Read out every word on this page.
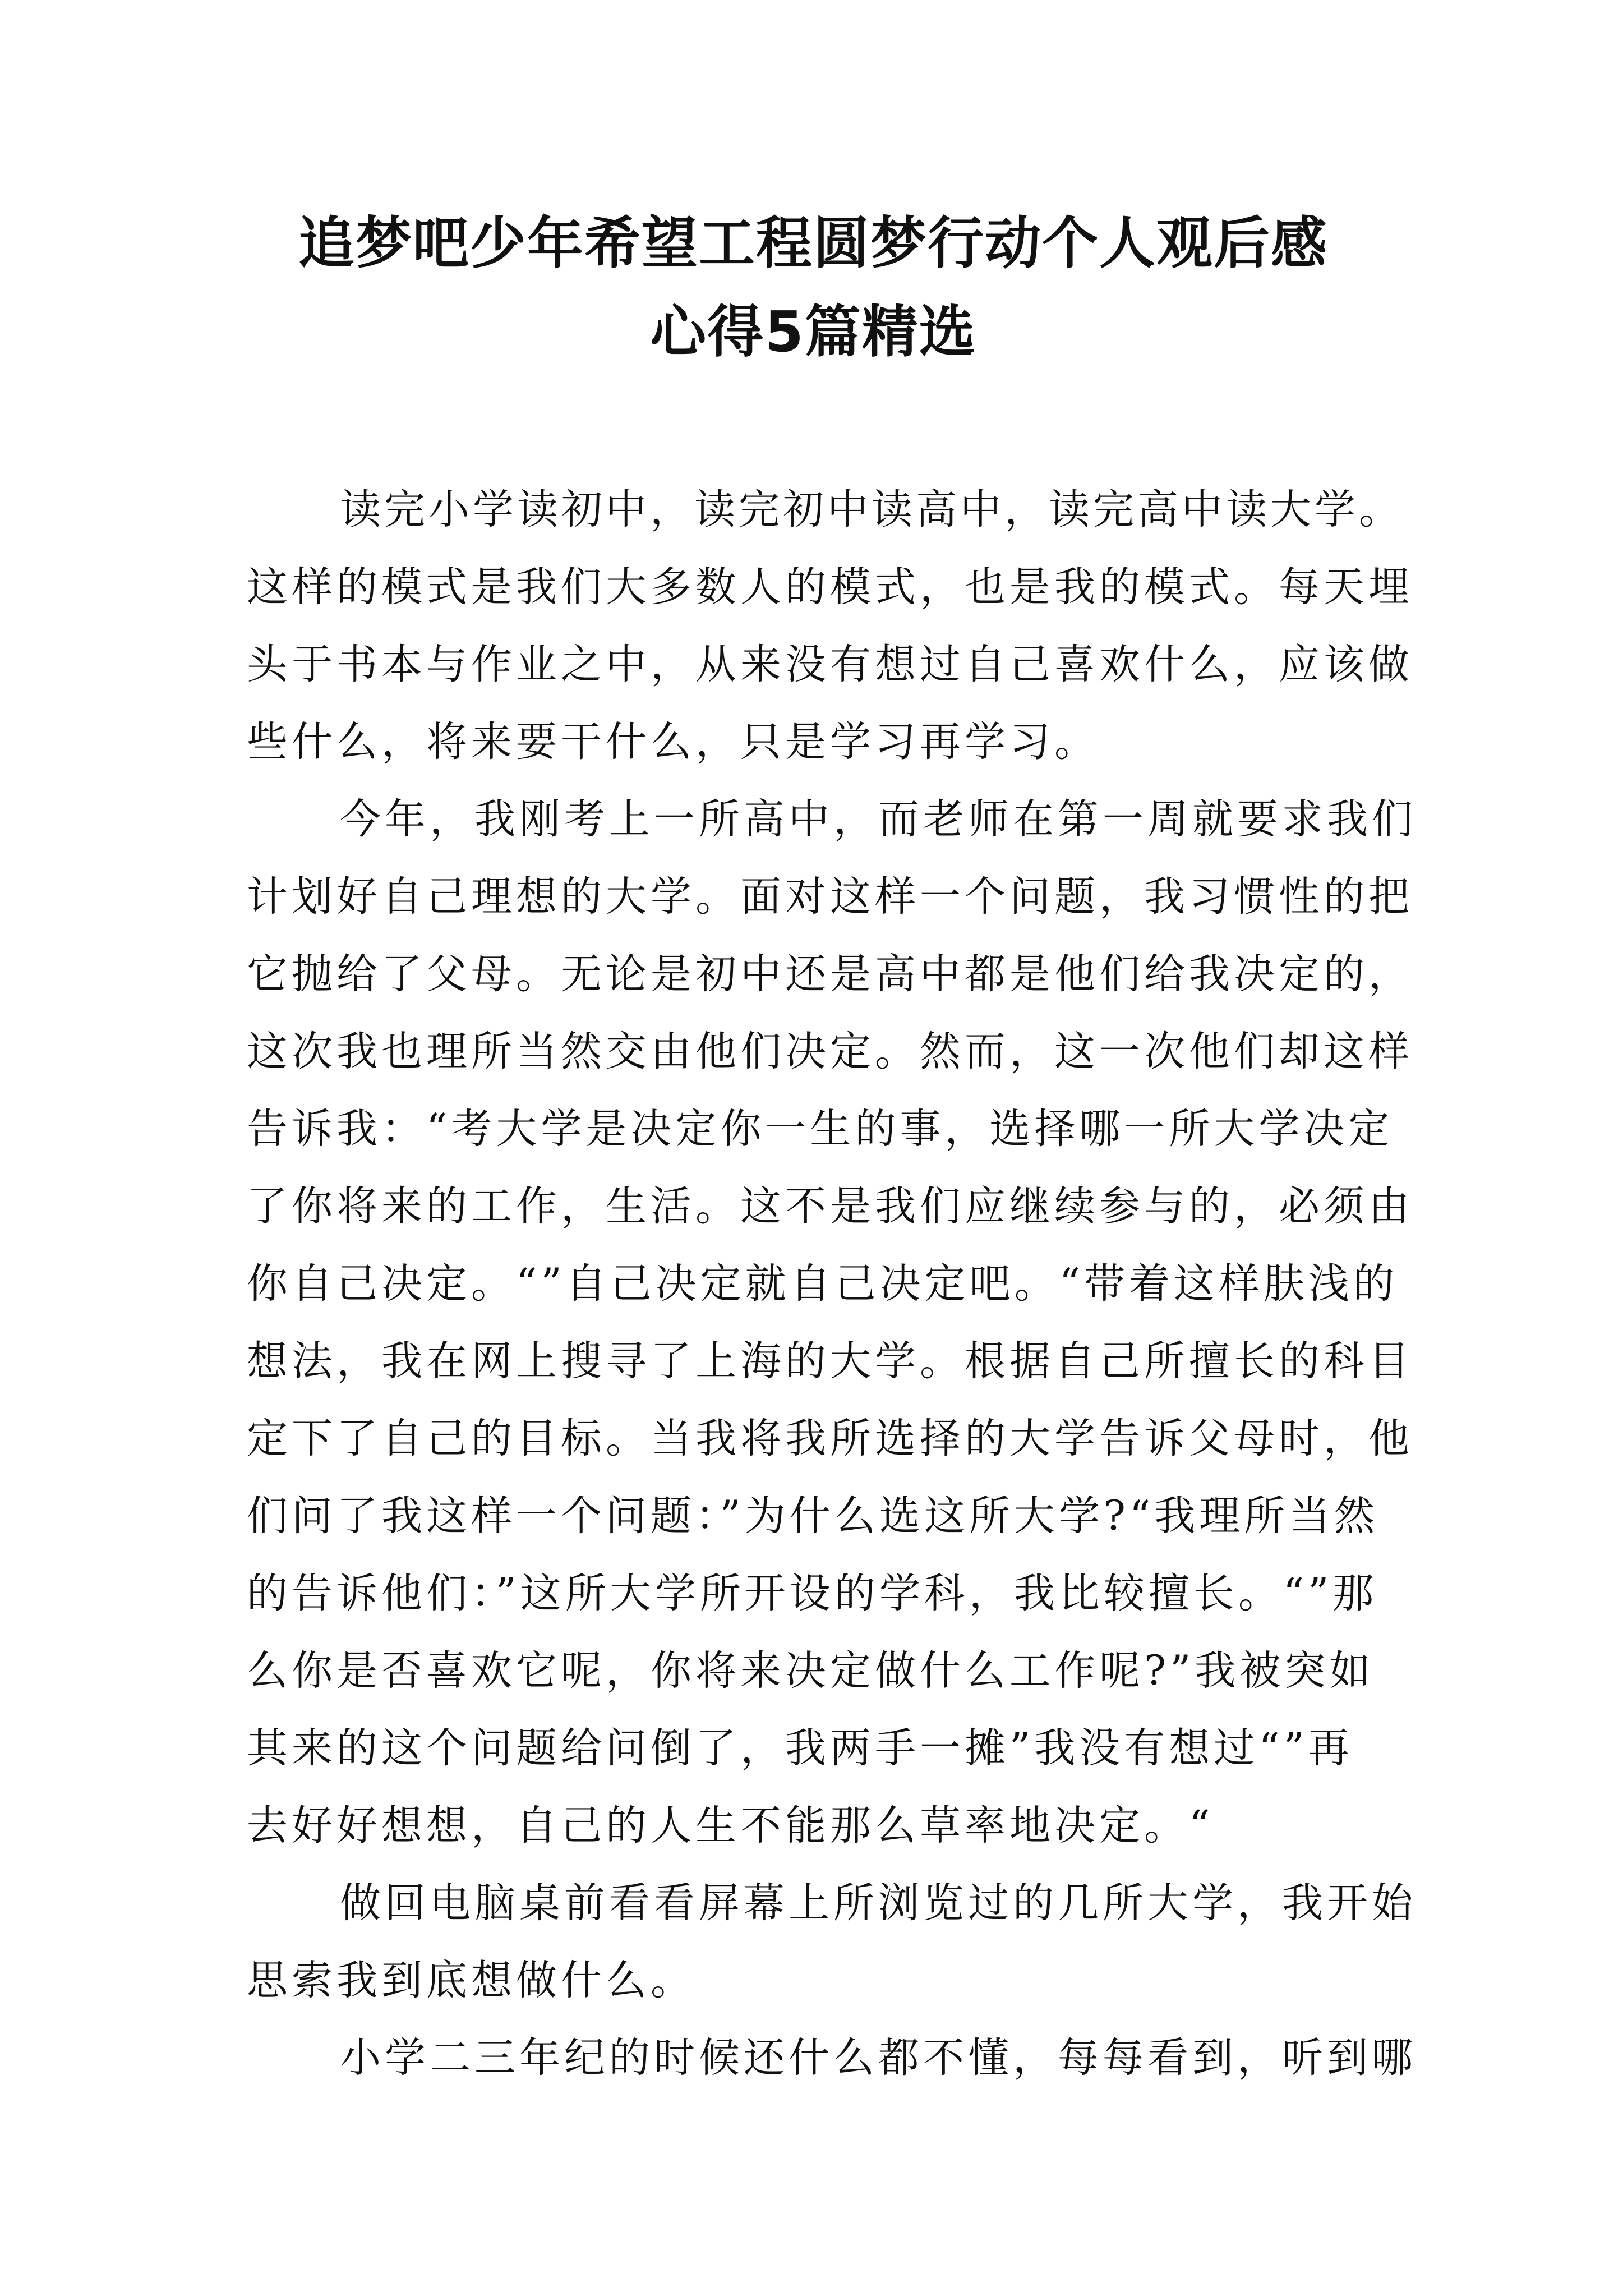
追梦吧少年希望工程圆梦行动个人观后感
心得5篇精选

读完小学读初中，读完初中读高中，读完高中读大学。
这样的模式是我们大多数人的模式，也是我的模式。每天埋
头于书本与作业之中，从来没有想过自己喜欢什么，应该做
些什么，将来要干什么，只是学习再学习。

今年，我刚考上一所高中，而老师在第一周就要求我们
计划好自己理想的大学。面对这样一个问题，我习惯性的把
它抛给了父母。无论是初中还是高中都是他们给我决定的，
这次我也理所当然交由他们决定。然而，这一次他们却这样
告诉我：“考大学是决定你一生的事，选择哪一所大学决定
了你将来的工作，生活。这不是我们应继续参与的，必须由
你自己决定。“”自己决定就自己决定吧。“带着这样肤浅的
想法，我在网上搜寻了上海的大学。根据自己所擅长的科目
定下了自己的目标。当我将我所选择的大学告诉父母时，他
们问了我这样一个问题：”为什么选这所大学?“我理所当然
的告诉他们：”这所大学所开设的学科，我比较擅长。“”那
么你是否喜欢它呢，你将来决定做什么工作呢?”我被突如
其来的这个问题给问倒了，我两手一摊”我没有想过“”再
去好好想想，自己的人生不能那么草率地决定。“

做回电脑桌前看看屏幕上所浏览过的几所大学，我开始
思索我到底想做什么。

小学二三年纪的时候还什么都不懂，每每看到，听到哪
